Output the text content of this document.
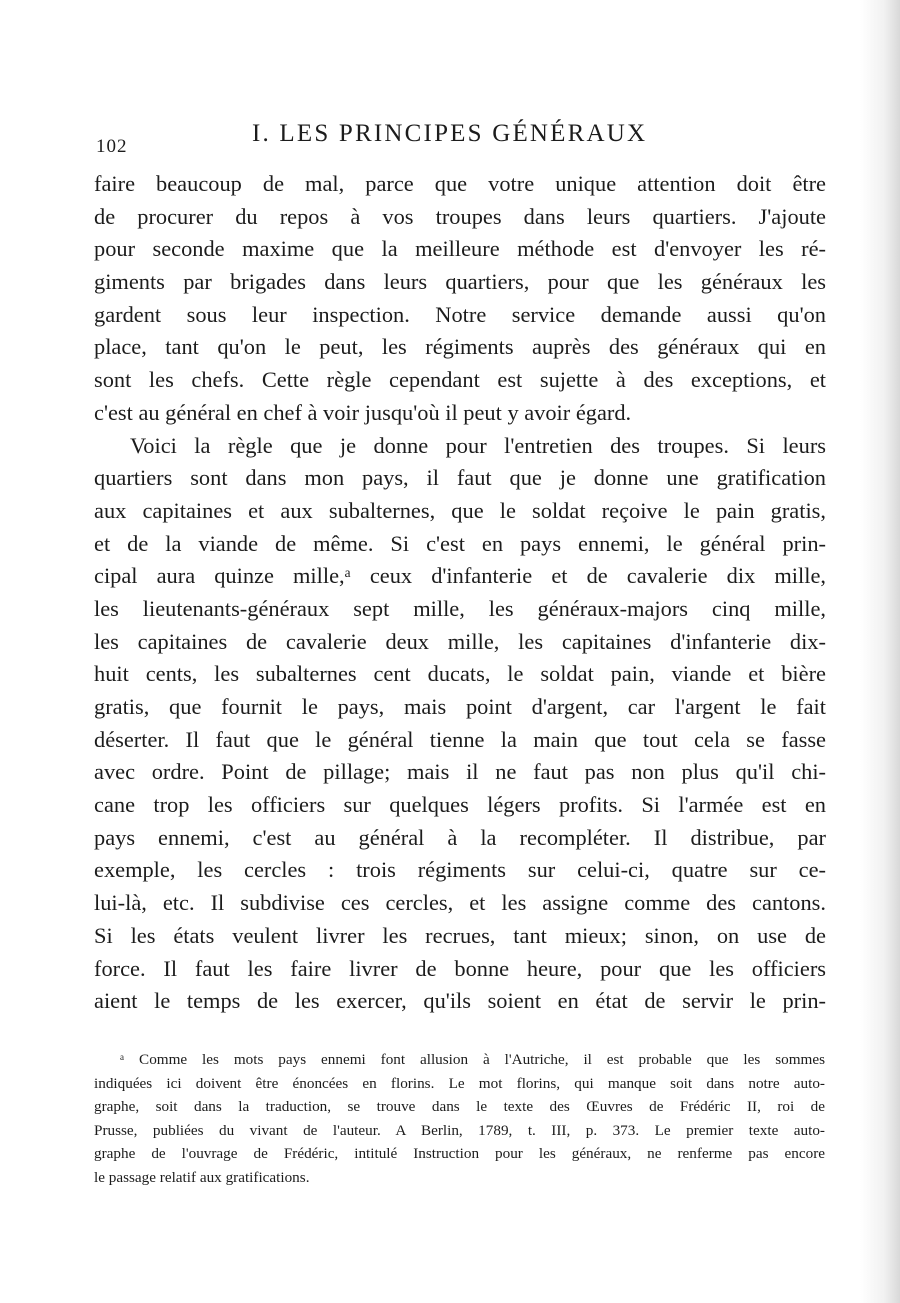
102	I. LES PRINCIPES GÉNÉRAUX
faire beaucoup de mal, parce que votre unique attention doit être
de procurer du repos à vos troupes dans leurs quartiers. J'ajoute
pour seconde maxime que la meilleure méthode est d'envoyer les ré-
giments par brigades dans leurs quartiers, pour que les généraux les
gardent sous leur inspection. Notre service demande aussi qu'on
place, tant qu'on le peut, les régiments auprès des généraux qui en
sont les chefs. Cette règle cependant est sujette à des exceptions, et
c'est au général en chef à voir jusqu'où il peut y avoir égard.
Voici la règle que je donne pour l'entretien des troupes. Si leurs
quartiers sont dans mon pays, il faut que je donne une gratification
aux capitaines et aux subalternes, que le soldat reçoive le pain gratis,
et de la viande de même. Si c'est en pays ennemi, le général prin-
cipal aura quinze mille,ᵃ ceux d'infanterie et de cavalerie dix mille,
les lieutenants-généraux sept mille, les généraux-majors cinq mille,
les capitaines de cavalerie deux mille, les capitaines d'infanterie dix-
huit cents, les subalternes cent ducats, le soldat pain, viande et bière
gratis, que fournit le pays, mais point d'argent, car l'argent le fait
déserter. Il faut que le général tienne la main que tout cela se fasse
avec ordre. Point de pillage; mais il ne faut pas non plus qu'il chi-
cane trop les officiers sur quelques légers profits. Si l'armée est en
pays ennemi, c'est au général à la recompléter. Il distribue, par
exemple, les cercles : trois régiments sur celui-ci, quatre sur ce-
lui-là, etc. Il subdivise ces cercles, et les assigne comme des cantons.
Si les états veulent livrer les recrues, tant mieux; sinon, on use de
force. Il faut les faire livrer de bonne heure, pour que les officiers
aient le temps de les exercer, qu'ils soient en état de servir le prin-
ᵃ Comme les mots pays ennemi font allusion à l'Autriche, il est probable que les sommes
indiquées ici doivent être énoncées en florins. Le mot florins, qui manque soit dans notre auto-
graphe, soit dans la traduction, se trouve dans le texte des Œuvres de Frédéric II, roi de
Prusse, publiées du vivant de l'auteur. A Berlin, 1789, t. III, p. 373. Le premier texte auto-
graphe de l'ouvrage de Frédéric, intitulé Instruction pour les généraux, ne renferme pas encore
le passage relatif aux gratifications.
